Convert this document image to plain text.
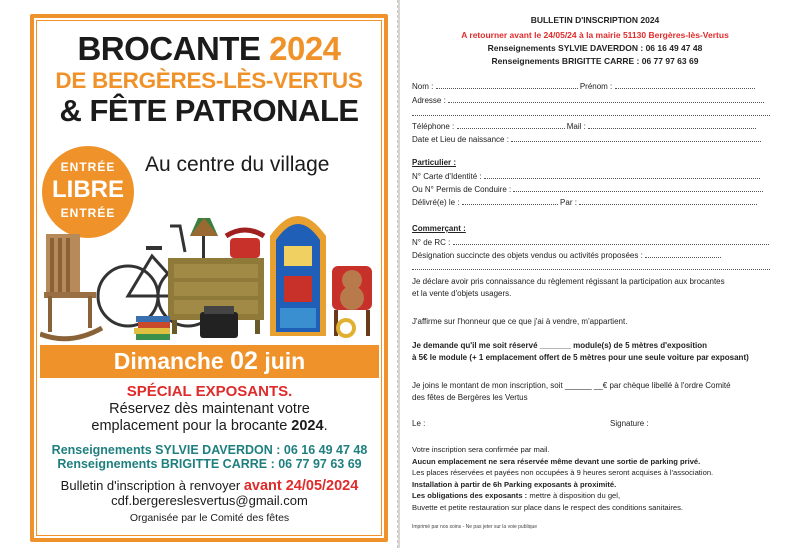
BROCANTE 2024
DE BERGÈRES-LÈS-VERTUS
& FÊTE PATRONALE
ENTRÉE
LIBRE
ENTRÉE
Au centre du village
Dimanche 02 juin
SPÉCIAL EXPOSANTS.
Réservez dès maintenant votre
emplacement pour la brocante 2024.
Renseignements SYLVIE DAVERDON : 06 16 49 47 48
Renseignements BRIGITTE CARRE : 06 77 97 63 69
Bulletin d'inscription à renvoyer avant 24/05/2024
cdf.bergereslesvertus@gmail.com
Organisée par le Comité des fêtes
BULLETIN D'INSCRIPTION 2024
A retourner avant le 24/05/24 à la mairie 51130 Bergères-lès-Vertus
Renseignements SYLVIE DAVERDON : 06 16 49 47 48
Renseignements BRIGITTE CARRE : 06 77 97 63 69
Nom :	Prénom :
Adresse :
Téléphone :	Mail :
Date et Lieu de naissance :
Particulier :
N° Carte d'Identité :
Ou N° Permis de Conduire :
Délivré(e) le :	Par :
Commerçant :
N° de RC :
Désignation succincte des objets vendus ou activités proposées :
Je déclare avoir pris connaissance du règlement régissant la participation aux brocantes
et la vente d'objets usagers.
J'affirme sur l'honneur que ce que j'ai à vendre, m'appartient.
Je demande qu'il me soit réservé _______ module(s) de 5 mètres d'exposition
à 5€ le module (+ 1 emplacement offert de 5 mètres pour une seule voiture par exposant)
Je joins le montant de mon inscription, soit ______ __€ par chèque libellé à l'ordre Comité
des fêtes de Bergères les Vertus
Le :	Signature :
Votre inscription sera confirmée par mail.
Aucun emplacement ne sera réservée même devant une sortie de parking privé.
Les places réservées et payées non occupées à 9 heures seront acquises à l'association.
Installation à partir de 6h Parking exposants à proximité.
Les obligations des exposants : mettre à disposition du gel,
Buvette et petite restauration sur place dans le respect des conditions sanitaires.
Imprimé par nos soins - Ne pas jeter sur la voie publique
